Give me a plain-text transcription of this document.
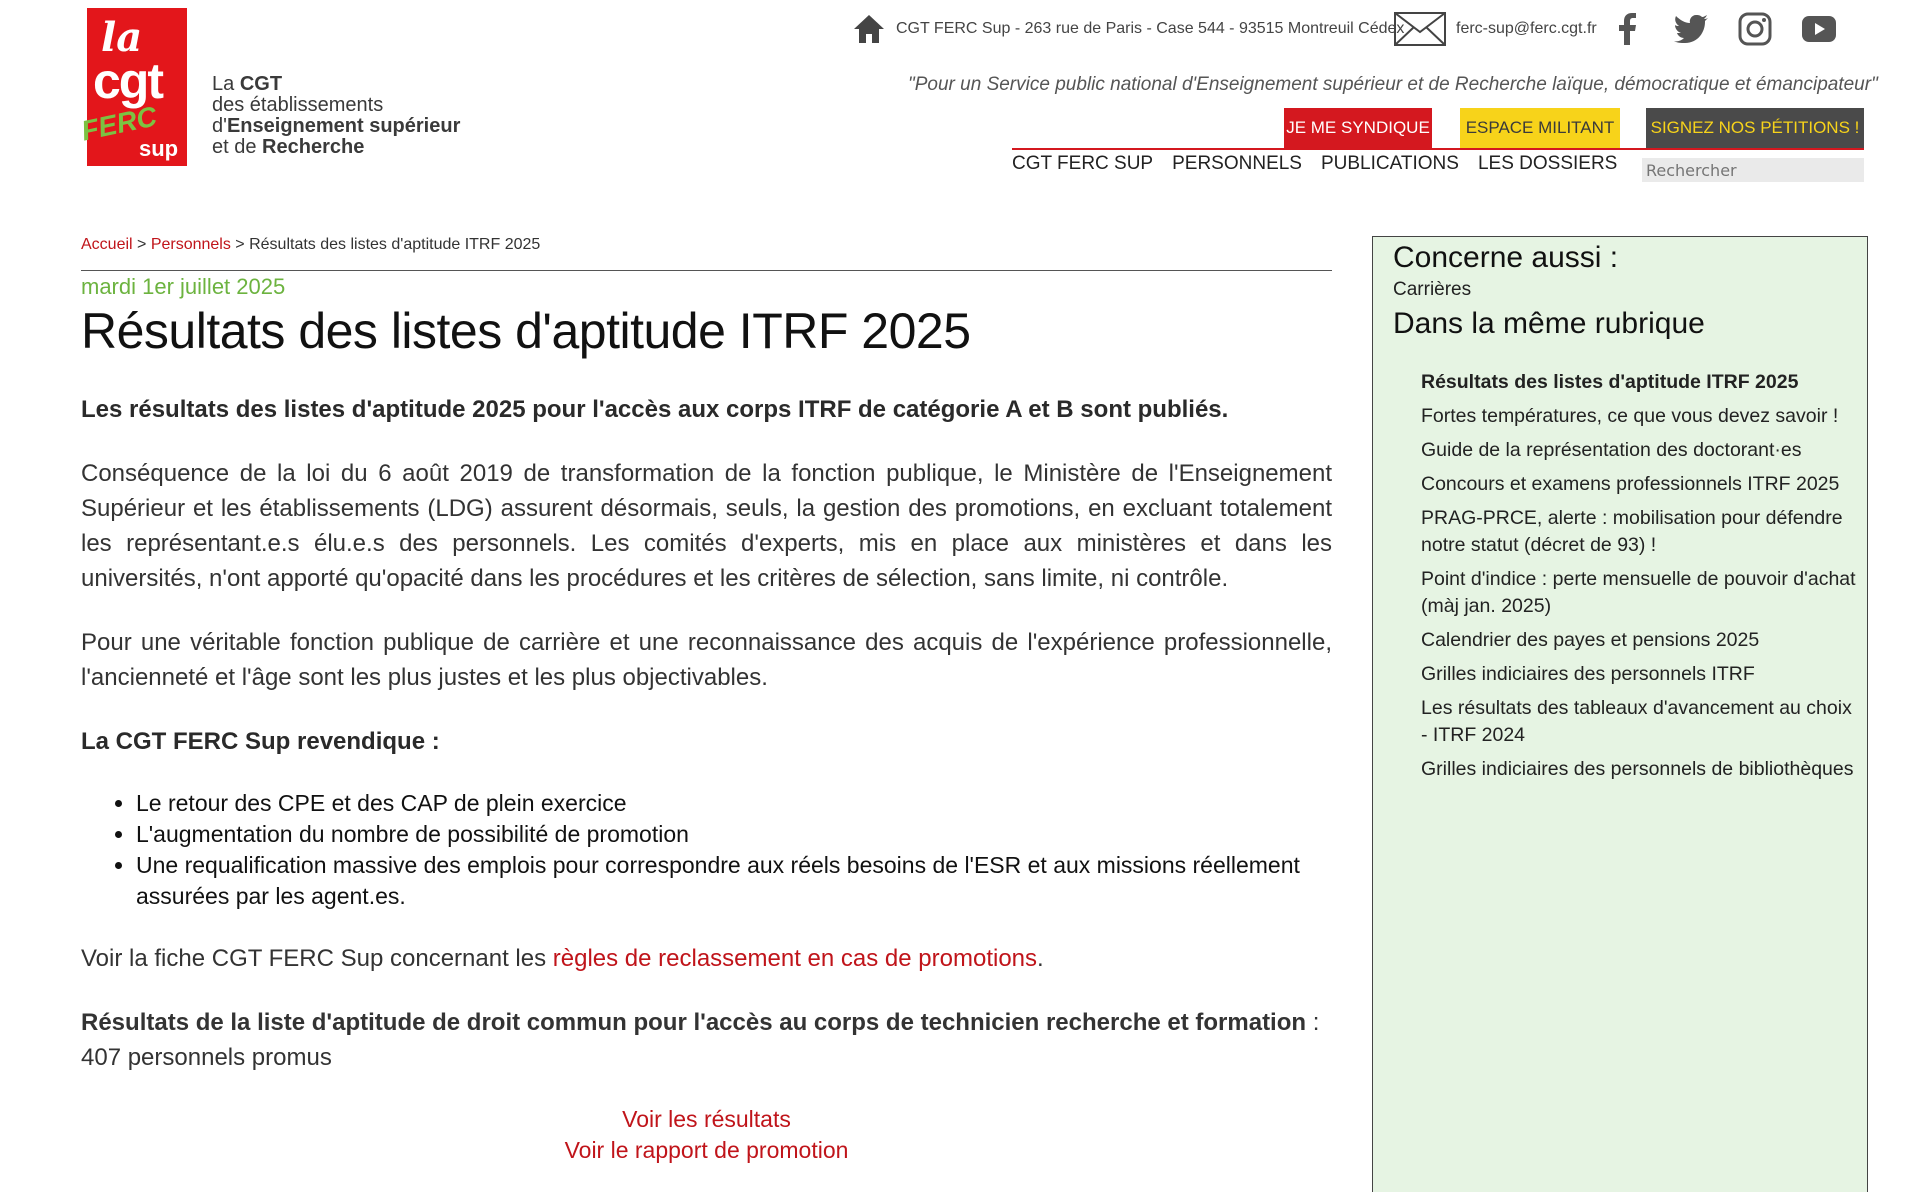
la
cgt
FERC
sup
La CGT
des établissements
d'Enseignement supérieur
et de Recherche
CGT FERC Sup - 263 rue de Paris - Case 544 - 93515 Montreuil Cédex	ferc-sup@ferc.cgt.fr
"Pour un Service public national d'Enseignement supérieur et de Recherche laïque, démocratique et émancipateur"
JE ME SYNDIQUE	ESPACE MILITANT	SIGNEZ NOS PÉTITIONS !
CGT FERC SUP PERSONNELS PUBLICATIONS LES DOSSIERS
Rechercher
Accueil > Personnels > Résultats des listes d'aptitude ITRF 2025
mardi 1er juillet 2025
Résultats des listes d'aptitude ITRF 2025

Les résultats des listes d'aptitude 2025 pour l'accès aux corps ITRF de catégorie A et B sont publiés.

Conséquence de la loi du 6 août 2019 de transformation de la fonction publique, le Ministère de l'Enseignement Supérieur et les établissements (LDG) assurent désormais, seuls, la gestion des promotions, en excluant totalement les représentant.e.s élu.e.s des personnels. Les comités d'experts, mis en place aux ministères et dans les universités, n'ont apporté qu'opacité dans les procédures et les critères de sélection, sans limite, ni contrôle.

Pour une véritable fonction publique de carrière et une reconnaissance des acquis de l'expérience professionnelle, l'ancienneté et l'âge sont les plus justes et les plus objectivables.

La CGT FERC Sup revendique :

• Le retour des CPE et des CAP de plein exercice
• L'augmentation du nombre de possibilité de promotion
• Une requalification massive des emplois pour correspondre aux réels besoins de l'ESR et aux missions réellement assurées par les agent.es.

Voir la fiche CGT FERC Sup concernant les règles de reclassement en cas de promotions.

Résultats de la liste d'aptitude de droit commun pour l'accès au corps de technicien recherche et formation :
407 personnels promus

Voir les résultats
Voir le rapport de promotion
Concerne aussi :
Carrières
Dans la même rubrique
Résultats des listes d'aptitude ITRF 2025
Fortes températures, ce que vous devez savoir !
Guide de la représentation des doctorant·es
Concours et examens professionnels ITRF 2025
PRAG-PRCE, alerte : mobilisation pour défendre notre statut (décret de 93) !
Point d'indice : perte mensuelle de pouvoir d'achat (màj jan. 2025)
Calendrier des payes et pensions 2025
Grilles indiciaires des personnels ITRF
Les résultats des tableaux d'avancement au choix - ITRF 2024
Grilles indiciaires des personnels de bibliothèques
